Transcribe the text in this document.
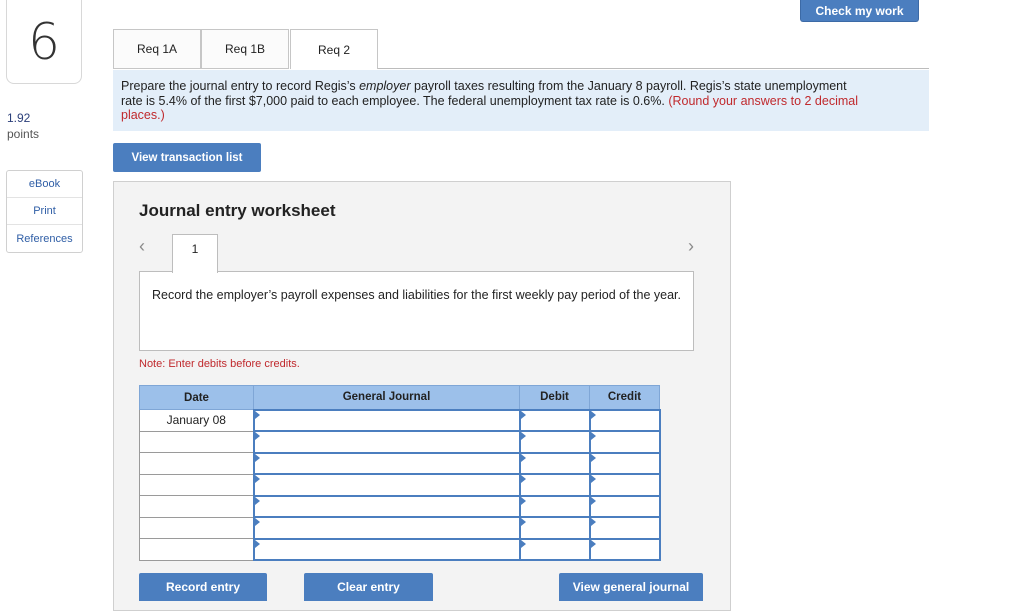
6
1.92
points
eBook
Print
References
Check my work
Req 1A	Req 1B	Req 2
Prepare the journal entry to record Regis’s employer payroll taxes resulting from the January 8 payroll. Regis’s state unemployment
rate is 5.4% of the first $7,000 paid to each employee. The federal unemployment tax rate is 0.6%. (Round your answers to 2 decimal
places.)
View transaction list
Journal entry worksheet
‹	›
1
Record the employer’s payroll expenses and liabilities for the first weekly pay period of the year.
Note: Enter debits before credits.
Date	General Journal	Debit	Credit
January 08			

Record entry	Clear entry	View general journal
